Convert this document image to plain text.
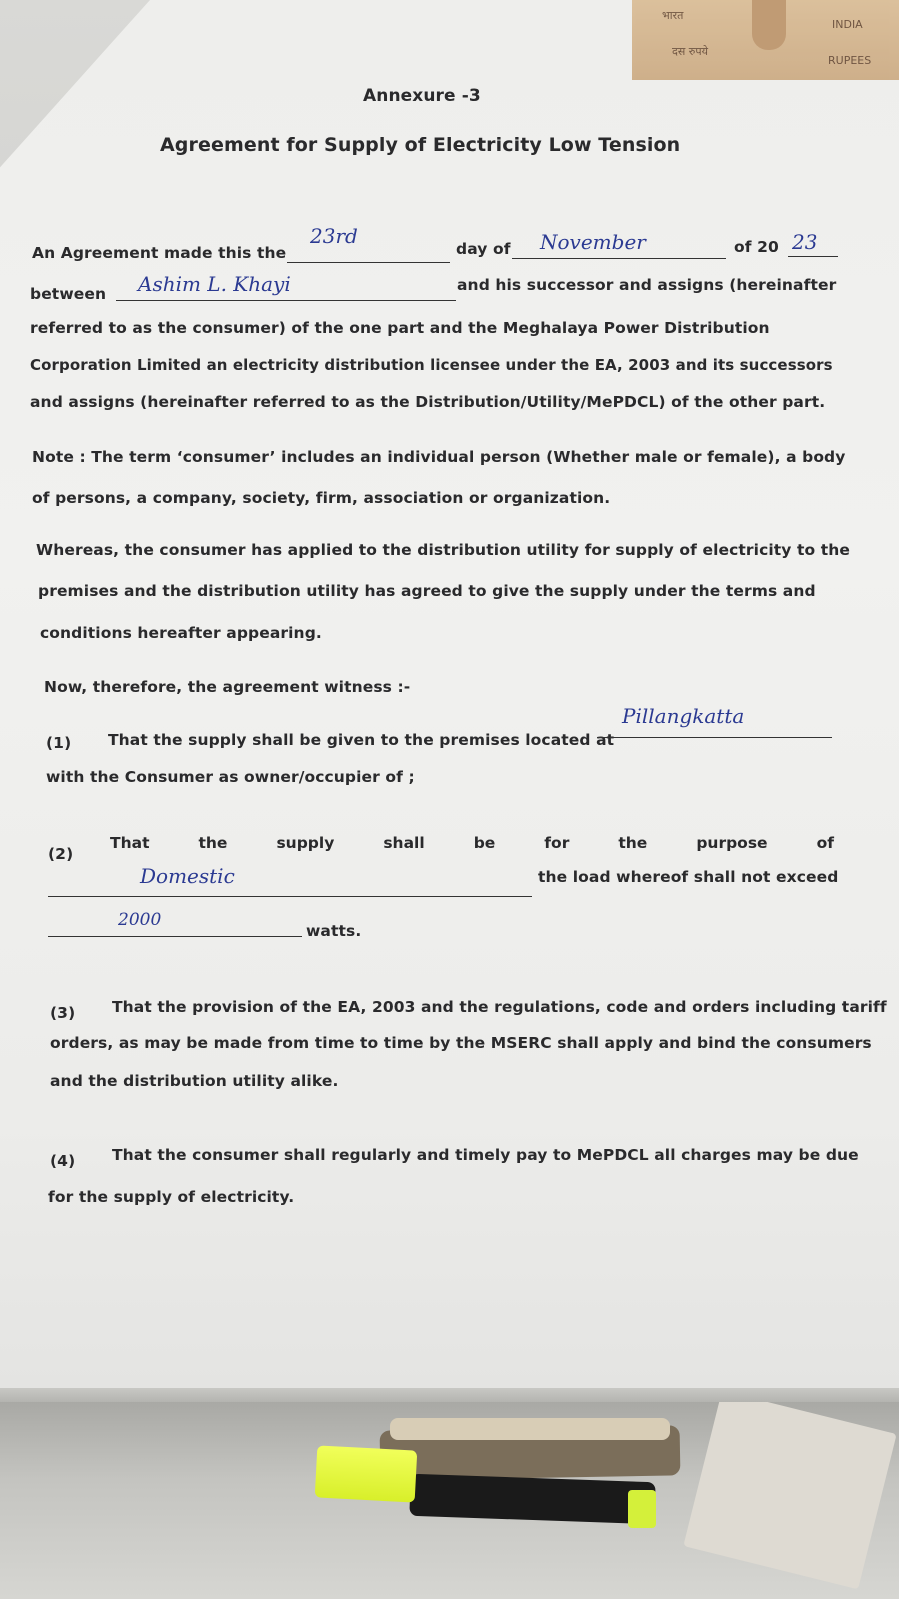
भारत
दस रुपये
INDIA
RUPEES
Annexure -3
Agreement for Supply of Electricity Low Tension
An Agreement made this the
23rd
day of November	of 20 23
between Ashim L. Khayi	and his successor and assigns (hereinafter
referred to as the consumer) of the one part and the Meghalaya Power Distribution
Corporation Limited an electricity distribution licensee under the EA, 2003 and its successors
and assigns (hereinafter referred to as the Distribution/Utility/MePDCL) of the other part.
Note : The term ‘consumer’ includes an individual person (Whether male or female), a body
of persons, a company, society, firm, association or organization.
Whereas, the consumer has applied to the distribution utility for supply of electricity to the
premises and the distribution utility has agreed to give the supply under the terms and
conditions hereafter appearing.
Now, therefore, the agreement witness :-
(1) That the supply shall be given to the premises located at
Pillangkatta
with the Consumer as owner/occupier of ;
(2)
That	the	supply	shall	be	for	the	purpose	of
Domestic	the load whereof shall not exceed
2000
watts.
(3) That the provision of the EA, 2003 and the regulations, code and orders including tariff
orders, as may be made from time to time by the MSERC shall apply and bind the consumers
and the distribution utility alike.
(4) That the consumer shall regularly and timely pay to MePDCL all charges may be due
for the supply of electricity.
